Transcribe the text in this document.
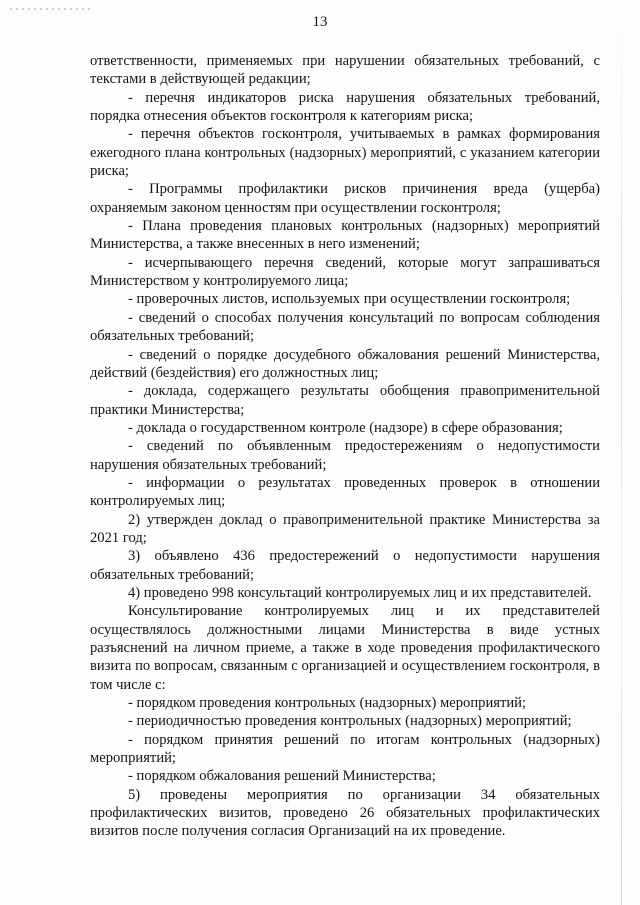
13

ответственности, применяемых при нарушении обязательных требований, с текстами в действующей редакции;

- перечня индикаторов риска нарушения обязательных требований, порядка отнесения объектов госконтроля к категориям риска;

- перечня объектов госконтроля, учитываемых в рамках формирования ежегодного плана контрольных (надзорных) мероприятий, с указанием категории риска;

- Программы профилактики рисков причинения вреда (ущерба) охраняемым законом ценностям при осуществлении госконтроля;

- Плана проведения плановых контрольных (надзорных) мероприятий Министерства, а также внесенных в него изменений;

- исчерпывающего перечня сведений, которые могут запрашиваться Министерством у контролируемого лица;

- проверочных листов, используемых при осуществлении госконтроля;

- сведений о способах получения консультаций по вопросам соблюдения обязательных требований;

- сведений о порядке досудебного обжалования решений Министерства, действий (бездействия) его должностных лиц;

- доклада, содержащего результаты обобщения правоприменительной практики Министерства;

- доклада о государственном контроле (надзоре) в сфере образования;

- сведений по объявленным предостережениям о недопустимости нарушения обязательных требований;

- информации о результатах проведенных проверок в отношении контролируемых лиц;

2) утвержден доклад о правоприменительной практике Министерства за 2021 год;

3) объявлено 436 предостережений о недопустимости нарушения обязательных требований;

4) проведено 998 консультаций контролируемых лиц и их представителей.

Консультирование контролируемых лиц и их представителей осуществлялось должностными лицами Министерства в виде устных разъяснений на личном приеме, а также в ходе проведения профилактического визита по вопросам, связанным с организацией и осуществлением госконтроля, в том числе с:

- порядком проведения контрольных (надзорных) мероприятий;

- периодичностью проведения контрольных (надзорных) мероприятий;

- порядком принятия решений по итогам контрольных (надзорных) мероприятий;

- порядком обжалования решений Министерства;

5) проведены мероприятия по организации 34 обязательных профилактических визитов, проведено 26 обязательных профилактических визитов после получения согласия Организаций на их проведение.
